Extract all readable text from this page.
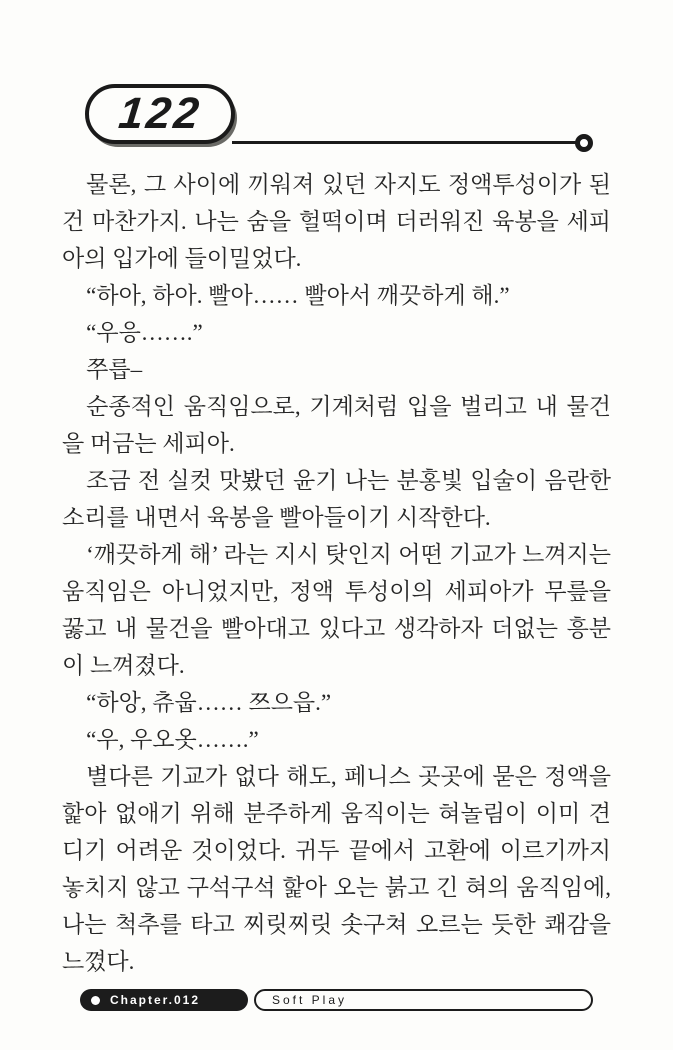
122

물론, 그 사이에 끼워져 있던 자지도 정액투성이가 된 건 마찬가지. 나는 숨을 헐떡이며 더러워진 육봉을 세피아의 입가에 들이밀었다.

“하아, 하아. 빨아…… 빨아서 깨끗하게 해.”

“우응…….”

쭈릅–

순종적인 움직임으로, 기계처럼 입을 벌리고 내 물건을 머금는 세피아.

조금 전 실컷 맛봤던 윤기 나는 분홍빛 입술이 음란한 소리를 내면서 육봉을 빨아들이기 시작한다.

‘깨끗하게 해’ 라는 지시 탓인지 어떤 기교가 느껴지는 움직임은 아니었지만, 정액 투성이의 세피아가 무릎을 꿇고 내 물건을 빨아대고 있다고 생각하자 더없는 흥분이 느껴졌다.

“하앙, 츄웁…… 쯔으읍.”

“우, 우오옷…….”

별다른 기교가 없다 해도, 페니스 곳곳에 묻은 정액을 핥아 없애기 위해 분주하게 움직이는 혀놀림이 이미 견디기 어려운 것이었다. 귀두 끝에서 고환에 이르기까지 놓치지 않고 구석구석 핥아 오는 붉고 긴 혀의 움직임에, 나는 척추를 타고 찌릿찌릿 솟구쳐 오르는 듯한 쾌감을 느꼈다.

Chapter.012	Soft Play
